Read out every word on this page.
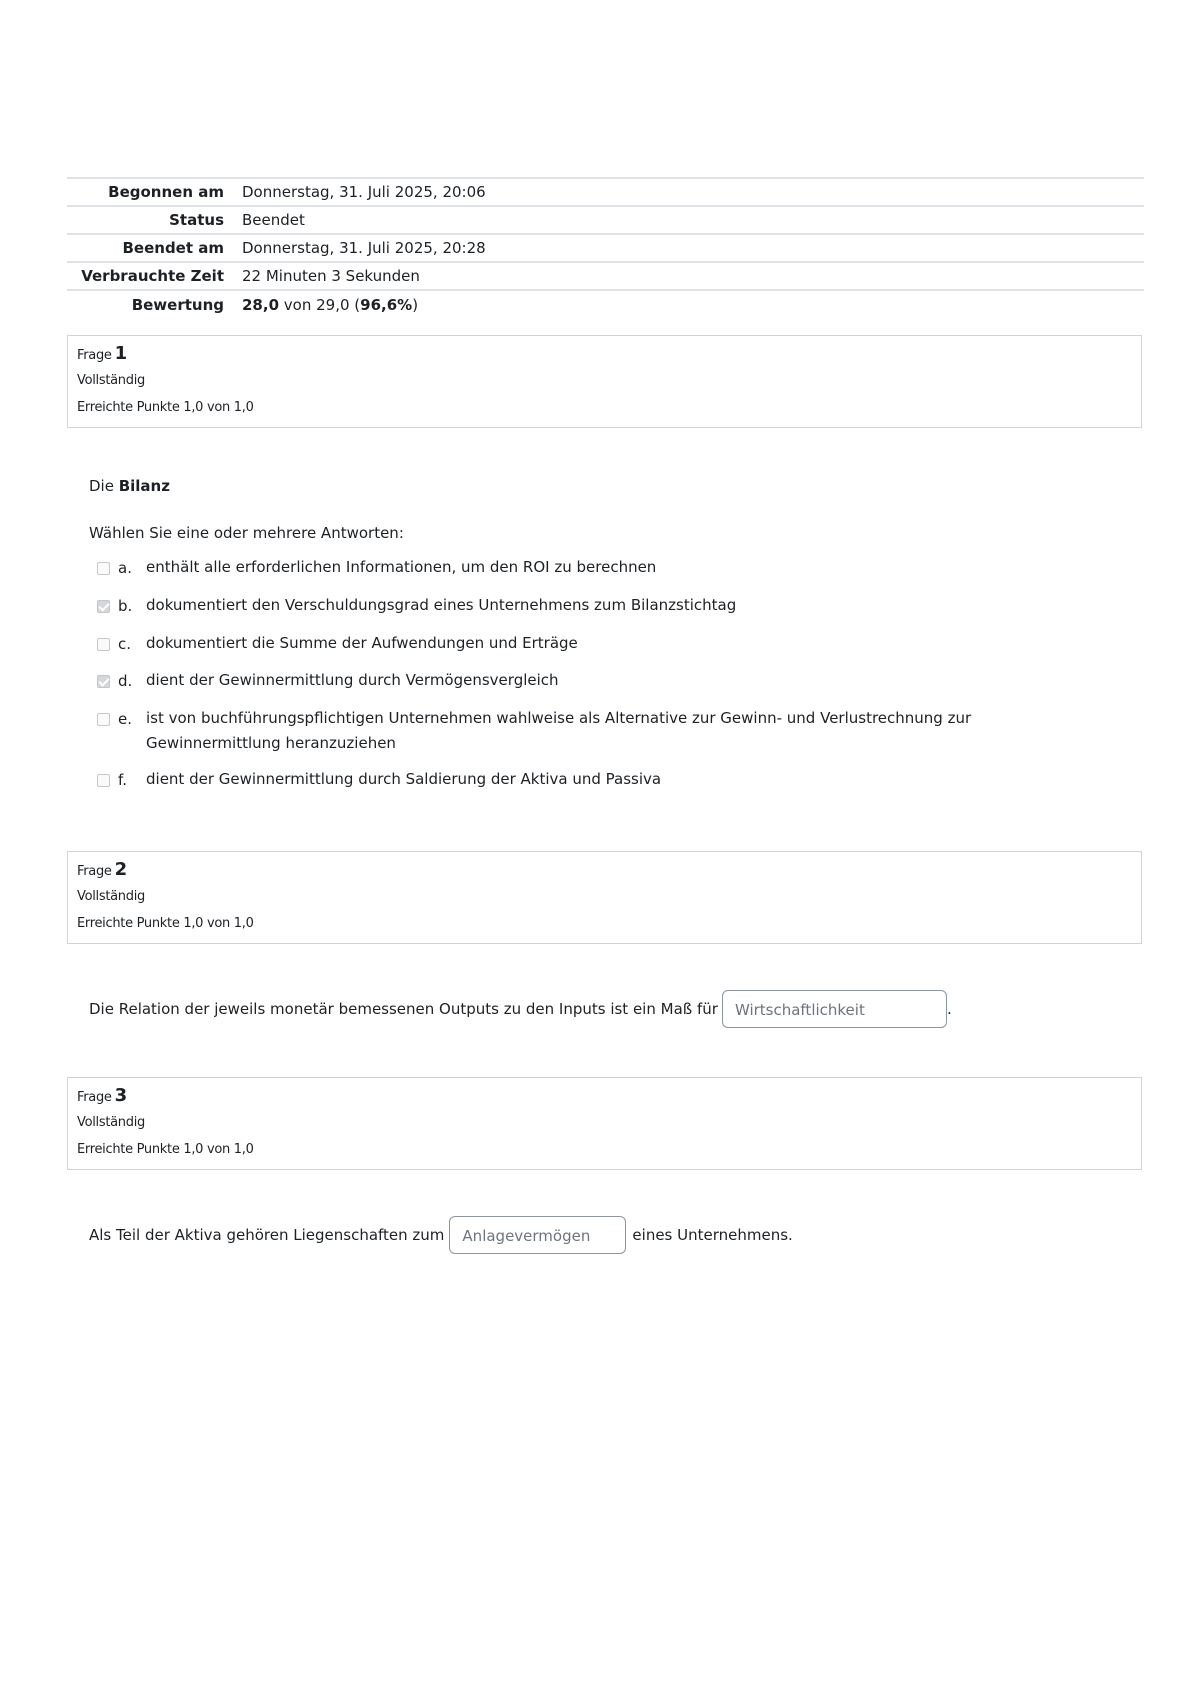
Begonnen am	Donnerstag, 31. Juli 2025, 20:06
Status	Beendet
Beendet am	Donnerstag, 31. Juli 2025, 20:28
Verbrauchte Zeit	22 Minuten 3 Sekunden
Bewertung	28,0 von 29,0 (96,6%)
Frage 1
Vollständig
Erreichte Punkte 1,0 von 1,0
Die Bilanz
Wählen Sie eine oder mehrere Antworten:
a. enthält alle erforderlichen Informationen, um den ROI zu berechnen
b. dokumentiert den Verschuldungsgrad eines Unternehmens zum Bilanzstichtag
c. dokumentiert die Summe der Aufwendungen und Erträge
d. dient der Gewinnermittlung durch Vermögensvergleich
e. ist von buchführungspflichtigen Unternehmen wahlweise als Alternative zur Gewinn- und Verlustrechnung zur Gewinnermittlung heranzuziehen
f.	dient der Gewinnermittlung durch Saldierung der Aktiva und Passiva
Frage 2
Vollständig
Erreichte Punkte 1,0 von 1,0
Die Relation der jeweils monetär bemessenen Outputs zu den Inputs ist ein Maß für	Wirtschaftlichkeit	.
Frage 3
Vollständig
Erreichte Punkte 1,0 von 1,0
Als Teil der Aktiva gehören Liegenschaften zum	Anlagevermögen	eines Unternehmens.
